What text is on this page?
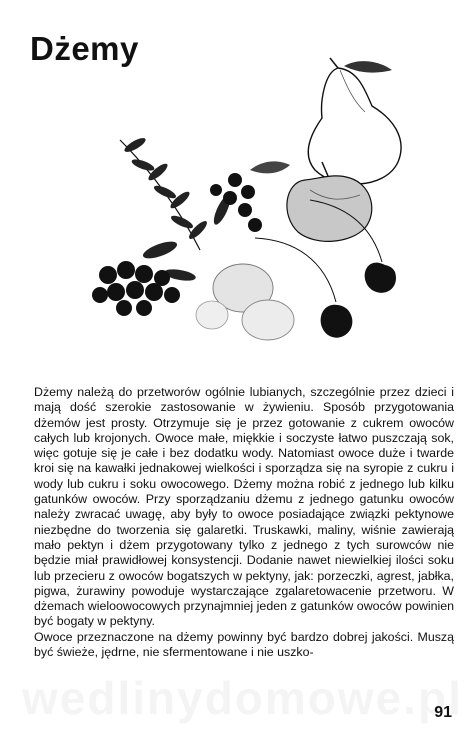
Dżemy

Dżemy należą do przetworów ogólnie lubianych, szczególnie przez dzieci i mają dość szerokie zastosowanie w żywieniu. Sposób przygotowania dżemów jest prosty. Otrzymuje się je przez gotowanie z cukrem owoców całych lub krojonych. Owoce małe, miękkie i soczyste łatwo puszczają sok, więc gotuje się je całe i bez dodatku wody. Natomiast owoce duże i twarde kroi się na kawałki jednakowej wielkości i sporządza się na syropie z cukru i wody lub cukru i soku owocowego. Dżemy można robić z jednego lub kilku gatunków owoców. Przy sporządzaniu dżemu z jednego gatunku owoców należy zwracać uwagę, aby były to owoce posiadające związki pektynowe niezbędne do tworzenia się galaretki. Truskawki, maliny, wiśnie zawierają mało pektyn i dżem przygotowany tylko z jednego z tych surowców nie będzie miał prawidłowej konsystencji. Dodanie nawet niewielkiej ilości soku lub przecieru z owoców bogatszych w pektyny, jak: porzeczki, agrest, jabłka, pigwa, żurawiny powoduje wystarczające zgalaretowacenie przetworu. W dżemach wieloowocowych przynajmniej jeden z gatunków owoców powinien być bogaty w pektyny.

Owoce przeznaczone na dżemy powinny być bardzo dobrej jakości. Muszą być świeże, jędrne, nie sfermentowane i nie uszko-

91
